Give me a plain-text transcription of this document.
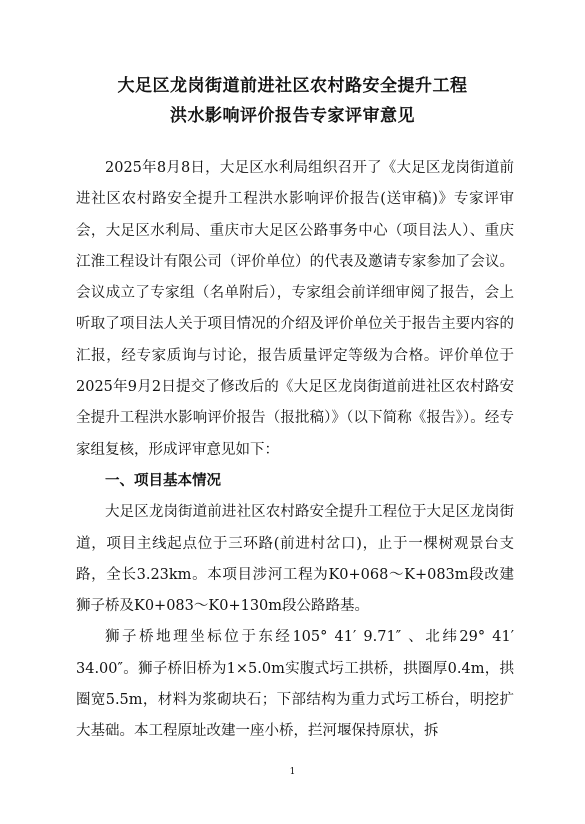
大足区龙岗街道前进社区农村路安全提升工程
洪水影响评价报告专家评审意见

2025年8月8日，大足区水利局组织召开了《大足区龙岗街道前进社区农村路安全提升工程洪水影响评价报告(送审稿)》专家评审会，大足区水利局、重庆市大足区公路事务中心（项目法人）、重庆江淮工程设计有限公司（评价单位）的代表及邀请专家参加了会议。会议成立了专家组（名单附后），专家组会前详细审阅了报告，会上听取了项目法人关于项目情况的介绍及评价单位关于报告主要内容的汇报，经专家质询与讨论，报告质量评定等级为合格。评价单位于2025年9月2日提交了修改后的《大足区龙岗街道前进社区农村路安全提升工程洪水影响评价报告（报批稿）》（以下简称《报告》）。经专家组复核，形成评审意见如下：

一、项目基本情况

大足区龙岗街道前进社区农村路安全提升工程位于大足区龙岗街道，项目主线起点位于三环路(前进村岔口)，止于一棵树观景台支路，全长3.23km。本项目涉河工程为K0+068～K+083m段改建狮子桥及K0+083～K0+130m段公路路基。

狮子桥地理坐标位于东经105° 41′ 9.71″ 、北纬29° 41′ 34.00″。狮子桥旧桥为1×5.0m实腹式圬工拱桥，拱圈厚0.4m，拱圈宽5.5m，材料为浆砌块石；下部结构为重力式圬工桥台，明挖扩大基础。本工程原址改建一座小桥，拦河堰保持原状，拆

1
